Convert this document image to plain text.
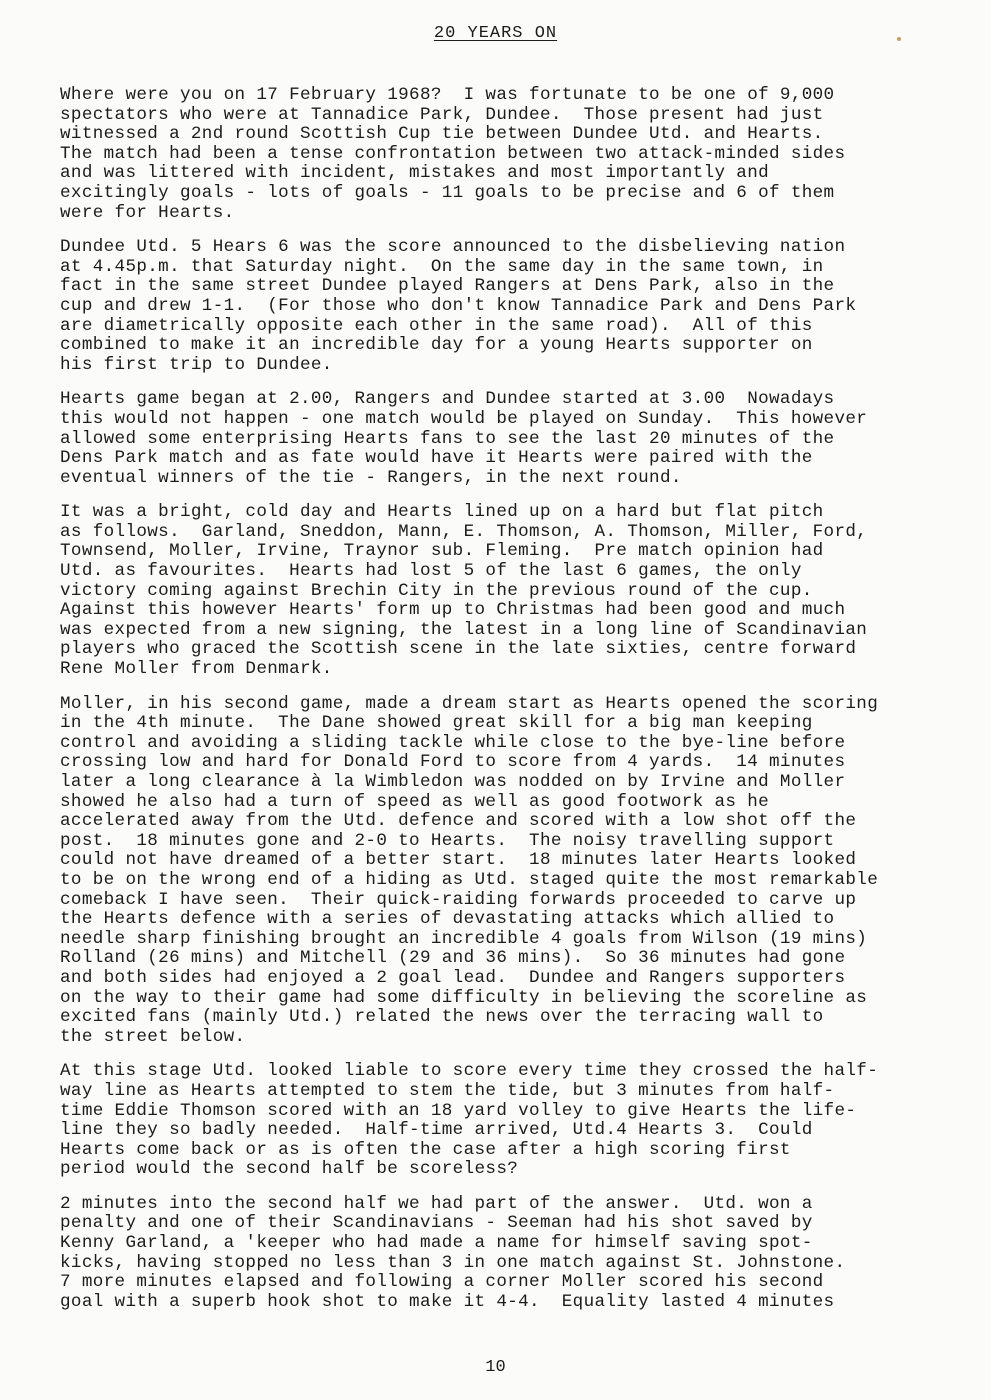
20 YEARS ON
Where were you on 17 February 1968?  I was fortunate to be one of 9,000
spectators who were at Tannadice Park, Dundee.  Those present had just
witnessed a 2nd round Scottish Cup tie between Dundee Utd. and Hearts.
The match had been a tense confrontation between two attack-minded sides
and was littered with incident, mistakes and most importantly and
excitingly goals - lots of goals - 11 goals to be precise and 6 of them
were for Hearts.
Dundee Utd. 5 Hears 6 was the score announced to the disbelieving nation
at 4.45p.m. that Saturday night.  On the same day in the same town, in
fact in the same street Dundee played Rangers at Dens Park, also in the
cup and drew 1-1.  (For those who don't know Tannadice Park and Dens Park
are diametrically opposite each other in the same road).  All of this
combined to make it an incredible day for a young Hearts supporter on
his first trip to Dundee.
Hearts game began at 2.00, Rangers and Dundee started at 3.00  Nowadays
this would not happen - one match would be played on Sunday.  This however
allowed some enterprising Hearts fans to see the last 20 minutes of the
Dens Park match and as fate would have it Hearts were paired with the
eventual winners of the tie - Rangers, in the next round.
It was a bright, cold day and Hearts lined up on a hard but flat pitch
as follows.  Garland, Sneddon, Mann, E. Thomson, A. Thomson, Miller, Ford,
Townsend, Moller, Irvine, Traynor sub. Fleming.  Pre match opinion had
Utd. as favourites.  Hearts had lost 5 of the last 6 games, the only
victory coming against Brechin City in the previous round of the cup.
Against this however Hearts' form up to Christmas had been good and much
was expected from a new signing, the latest in a long line of Scandinavian
players who graced the Scottish scene in the late sixties, centre forward
Rene Moller from Denmark.
Moller, in his second game, made a dream start as Hearts opened the scoring
in the 4th minute.  The Dane showed great skill for a big man keeping
control and avoiding a sliding tackle while close to the bye-line before
crossing low and hard for Donald Ford to score from 4 yards.  14 minutes
later a long clearance à la Wimbledon was nodded on by Irvine and Moller
showed he also had a turn of speed as well as good footwork as he
accelerated away from the Utd. defence and scored with a low shot off the
post.  18 minutes gone and 2-0 to Hearts.  The noisy travelling support
could not have dreamed of a better start.  18 minutes later Hearts looked
to be on the wrong end of a hiding as Utd. staged quite the most remarkable
comeback I have seen.  Their quick-raiding forwards proceeded to carve up
the Hearts defence with a series of devastating attacks which allied to
needle sharp finishing brought an incredible 4 goals from Wilson (19 mins)
Rolland (26 mins) and Mitchell (29 and 36 mins).  So 36 minutes had gone
and both sides had enjoyed a 2 goal lead.  Dundee and Rangers supporters
on the way to their game had some difficulty in believing the scoreline as
excited fans (mainly Utd.) related the news over the terracing wall to
the street below.
At this stage Utd. looked liable to score every time they crossed the half-
way line as Hearts attempted to stem the tide, but 3 minutes from half-
time Eddie Thomson scored with an 18 yard volley to give Hearts the life-
line they so badly needed.  Half-time arrived, Utd.4 Hearts 3.  Could
Hearts come back or as is often the case after a high scoring first
period would the second half be scoreless?
2 minutes into the second half we had part of the answer.  Utd. won a
penalty and one of their Scandinavians - Seeman had his shot saved by
Kenny Garland, a 'keeper who had made a name for himself saving spot-
kicks, having stopped no less than 3 in one match against St. Johnstone.
7 more minutes elapsed and following a corner Moller scored his second
goal with a superb hook shot to make it 4-4.  Equality lasted 4 minutes
10
